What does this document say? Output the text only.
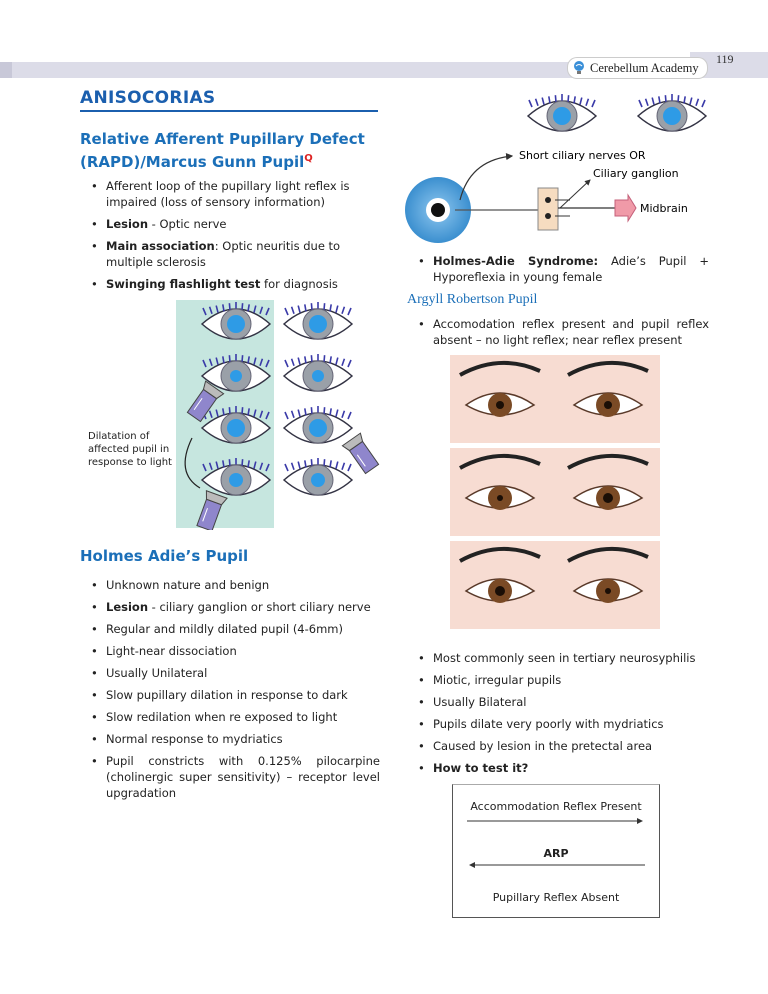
119
Cerebellum Academy
ANISOCORIAS
Relative Afferent Pupillary Defect
(RAPD)/Marcus Gunn Pupil$^Q$
• Afferent loop of the pupillary light reflex is impaired (loss of sensory information)
• Lesion - Optic nerve
• Main association: Optic neuritis due to multiple sclerosis
• Swinging flashlight test for diagnosis
Dilatation of affected pupil in response to light
Holmes Adie’s Pupil
• Unknown nature and benign
• Lesion - ciliary ganglion or short ciliary nerve
• Regular and mildly dilated pupil (4-6mm)
• Light-near dissociation
• Usually Unilateral
• Slow pupillary dilation in response to dark
• Slow redilation when re exposed to light
• Normal response to mydriatics
• Pupil constricts with 0.125% pilocarpine (cholinergic super sensitivity) – receptor level upgradation
Short ciliary nerves OR
Ciliary ganglion
Midbrain
• Holmes-Adie Syndrome: Adie’s Pupil + Hyporeflexia in young female
Argyll Robertson Pupil
• Accomodation reflex present and pupil reflex absent – no light reflex; near reflex present
• Most commonly seen in tertiary neurosyphilis
• Miotic, irregular pupils
• Usually Bilateral
• Pupils dilate very poorly with mydriatics
• Caused by lesion in the pretectal area
• How to test it?
Accommodation Reflex Present
ARP
Pupillary Reflex Absent
